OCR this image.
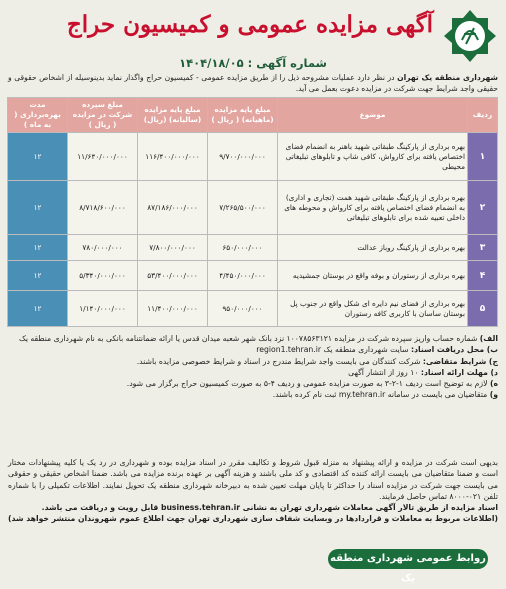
آگهی مزایده عمومی و کمیسیون حراج
شماره آگهی : ۱۴۰۴/۱۸/۰۵
شهرداری منطقه یک تهران در نظر دارد عملیات مشروحه ذیل را از طریق مزایده عمومی - کمیسیون حراج واگذار نماید بدینوسیله از اشخاص حقوقی و حقیقی واجد شرایط جهت شرکت در مزایده دعوت بعمل می آید.
ردیف	موضوع	مبلغ پایه مزایده (ماهیانه) ( ریال )	مبلغ پایه مزایده (سالیانه) (ریال)	مبلغ سپرده شرکت در مزایده ( ریال )	مدت بهره‌برداری ( به ماه )
۱	بهره برداری از پارکینگ طبقاتی شهید باهنر به انضمام فضای اختصاص یافته برای کارواش، کافی شاپ و تابلوهای تبلیغاتی محیطی	۹/۷۰۰/۰۰۰/۰۰۰	۱۱۶/۴۰۰/۰۰۰/۰۰۰	۱۱/۶۴۰/۰۰۰/۰۰۰	۱۲
۲	بهره برداری از پارکینگ طبقاتی شهید همت (تجاری و اداری) به انضمام فضای اختصاص یافته برای کارواش و محوطه های داخلی تعبیه شده برای تابلوهای تبلیغاتی	۷/۲۶۵/۵۰۰/۰۰۰	۸۷/۱۸۶/۰۰۰/۰۰۰	۸/۷۱۸/۶۰۰/۰۰۰	۱۲
۳	بهره برداری از پارکینگ روباز عدالت	۶۵۰/۰۰۰/۰۰۰	۷/۸۰۰/۰۰۰/۰۰۰	۷۸۰/۰۰۰/۰۰۰	۱۲
۴	بهره برداری از رستوران و بوفه واقع در بوستان جمشیدیه	۴/۴۵۰/۰۰۰/۰۰۰	۵۳/۴۰۰/۰۰۰/۰۰۰	۵/۳۴۰/۰۰۰/۰۰۰	۱۲
۵	بهره برداری از فضای نیم دایره ای شکل واقع در جنوب پل بوستان ساسان با کاربری کافه رستوران	۹۵۰/۰۰۰/۰۰۰	۱۱/۴۰۰/۰۰۰/۰۰۰	۱/۱۴۰/۰۰۰/۰۰۰	۱۲

الف) شماره حساب واریز سپرده شرکت در مزایده ۱۰۰۷۸۵۶۳۱۲۱ نزد بانک شهر شعبه میدان قدس یا ارائه ضمانتنامه بانکی به نام شهرداری منطقه یک

ب) محل دریافت اسناد: سایت شهرداری منطقه یک region1.tehran.ir

ج) شرایط متقاضی: شرکت کنندگان می بایست واجد شرایط مندرج در اسناد و شرایط خصوصی مزایده باشند.

د) مهلت ارائه اسناد: ۱۰ روز از انتشار آگهی

ه) لازم به توضیح است ردیف ۱-۲-۳ به صورت مزایده عمومی و ردیف ۴-۵ به صورت کمیسیون حراج برگزار می شود.

و) متقاضیان می بایست در سامانه my.tehran.ir ثبت نام کرده باشند.

بدیهی است شرکت در مزایده و ارائه پیشنهاد به منزله قبول شروط و تکالیف مقرر در اسناد مزایده بوده و شهرداری در رد یک یا کلیه پیشنهادات مختار است و ضمنا متقاضیان می بایست ارائه کننده کد اقتصادی و کد ملی باشند و هزینه آگهی بر عهده برنده مزایده می باشد. ضمنا اشخاص حقیقی و حقوقی می بایست جهت شرکت در مزایده اسناد را حداکثر تا پایان مهلت تعیین شده به دبیرخانه شهرداری منطقه یک تحویل نمایند. اطلاعات تکمیلی را با شماره تلفن ۰۲۱-۸۰۰۰ تماس حاصل فرمایند.
اسناد مزایده از طریق تالار آگهی معاملات شهرداری تهران به نشانی business.tehran.ir قابل رویت و دریافت می باشد.
(اطلاعات مربوط به معاملات و قراردادها در وبسایت شفاف سازی شهرداری تهران جهت اطلاع عموم شهروندان منتشر خواهد شد)
روابط عمومی شهرداری منطقه یک
